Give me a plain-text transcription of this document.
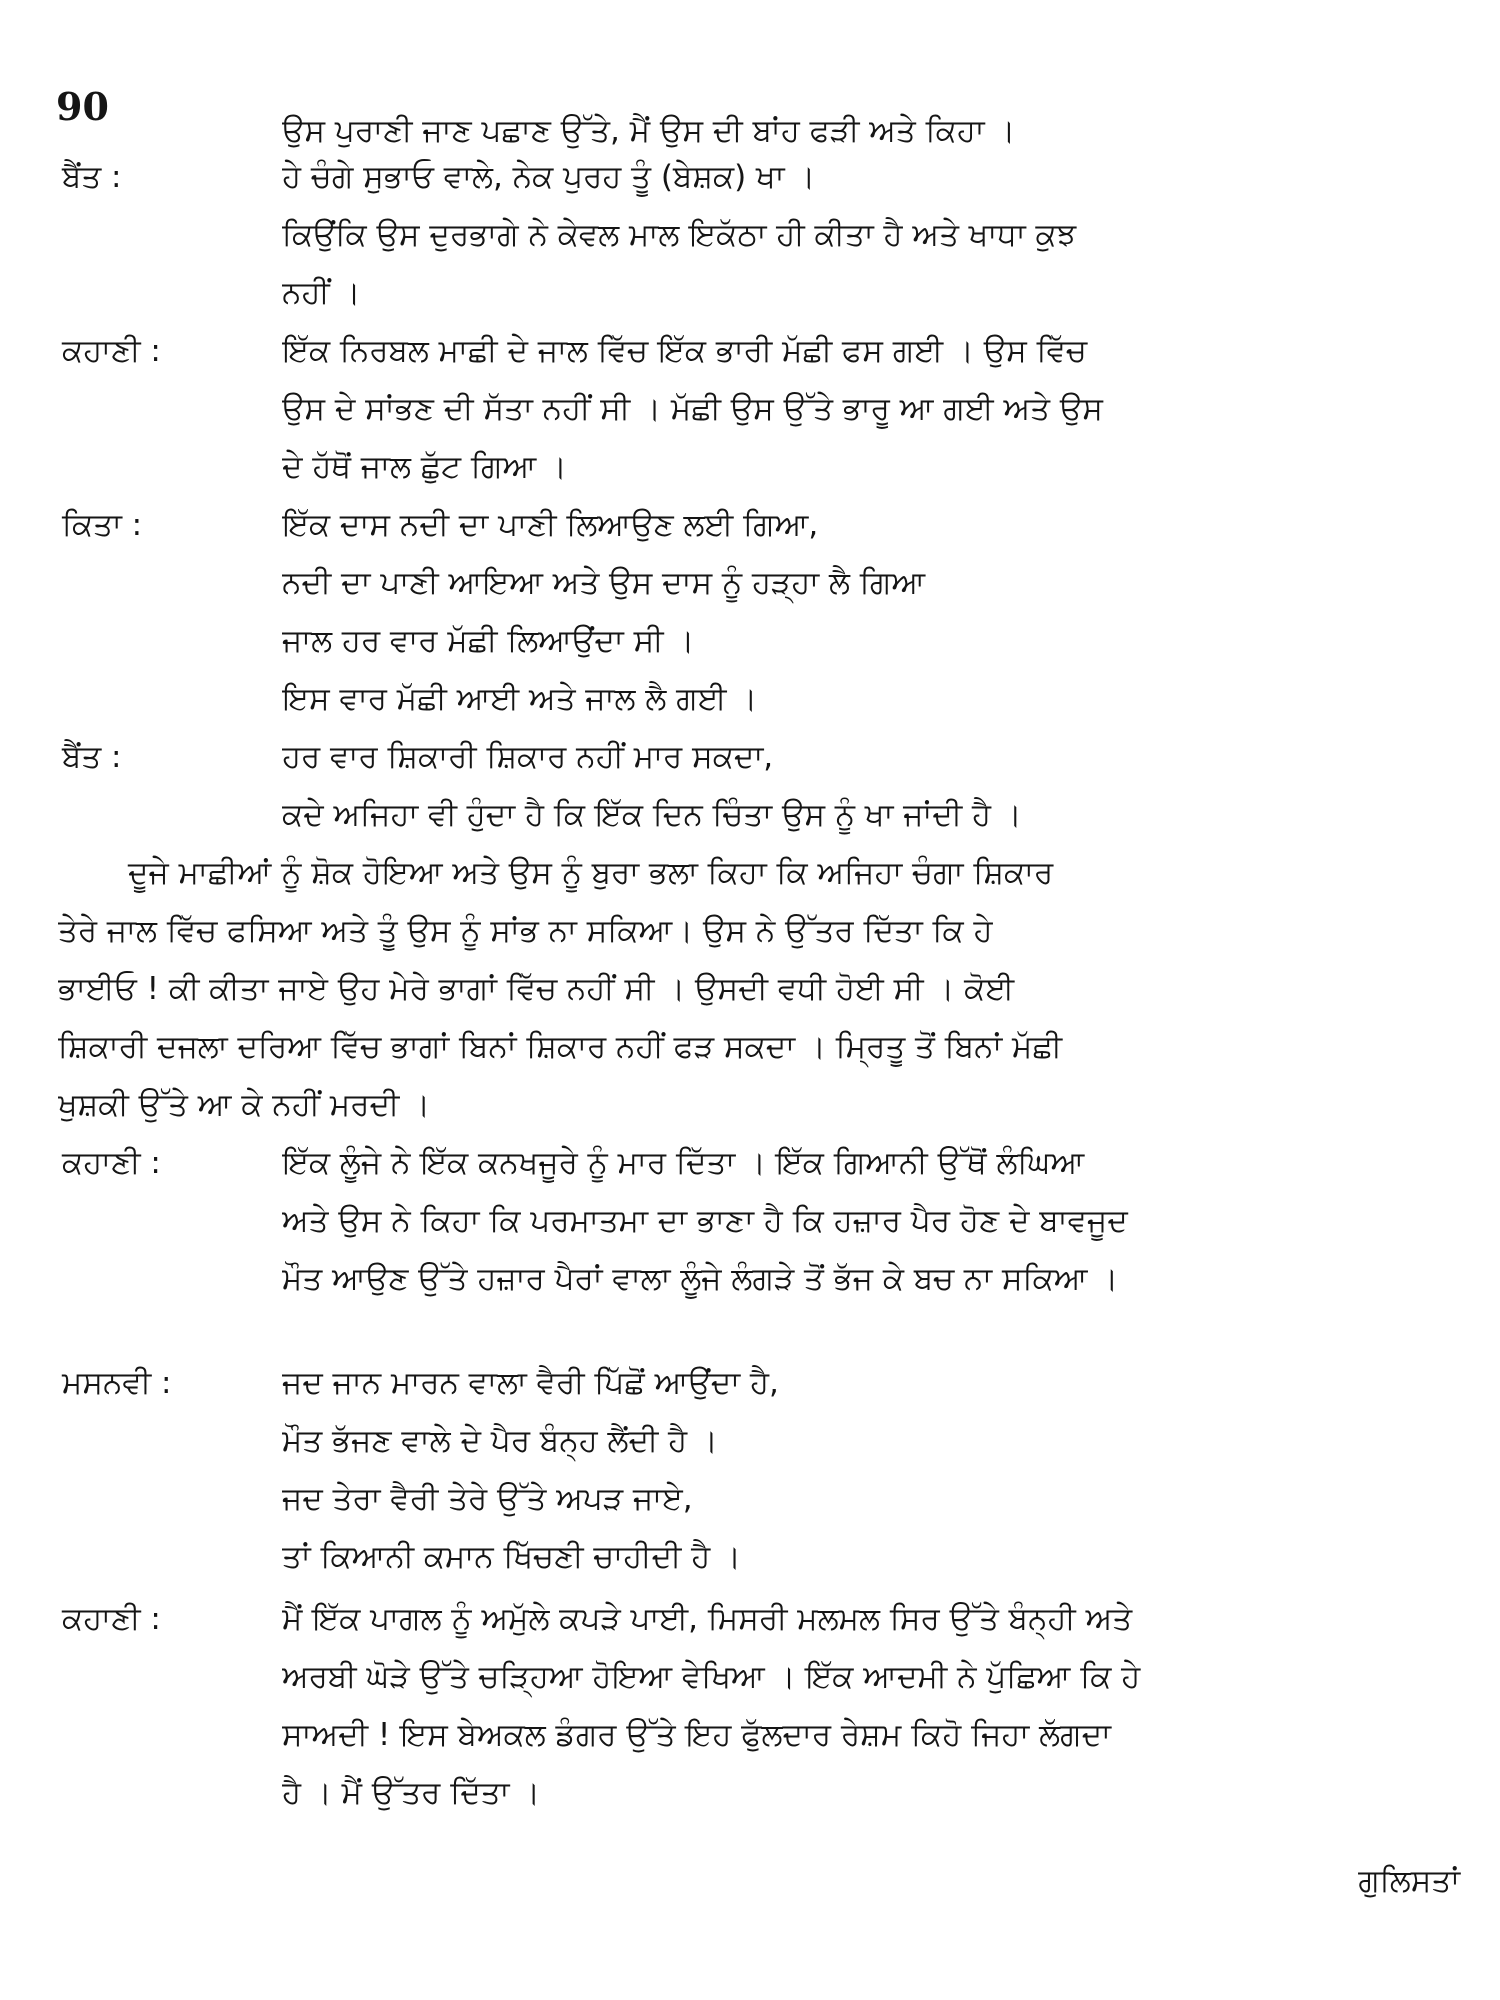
90
ਉਸ ਪੁਰਾਣੀ ਜਾਣ ਪਛਾਣ ਉੱਤੇ, ਮੈਂ ਉਸ ਦੀ ਬਾਂਹ ਫੜੀ ਅਤੇ ਕਿਹਾ ।
ਬੈਂਤ :	ਹੇ ਚੰਗੇ ਸੁਭਾਓ ਵਾਲੇ, ਨੇਕ ਪੁਰਹ ਤੂੰ (ਬੇਸ਼ਕ) ਖਾ ।
ਕਿਉਂਕਿ ਉਸ ਦੁਰਭਾਗੇ ਨੇ ਕੇਵਲ ਮਾਲ ਇਕੱਠਾ ਹੀ ਕੀਤਾ ਹੈ ਅਤੇ ਖਾਧਾ ਕੁਝ
ਨਹੀਂ ।
ਕਹਾਣੀ :	ਇੱਕ ਨਿਰਬਲ ਮਾਛੀ ਦੇ ਜਾਲ ਵਿੱਚ ਇੱਕ ਭਾਰੀ ਮੱਛੀ ਫਸ ਗਈ । ਉਸ ਵਿੱਚ
ਉਸ ਦੇ ਸਾਂਭਣ ਦੀ ਸੱਤਾ ਨਹੀਂ ਸੀ । ਮੱਛੀ ਉਸ ਉੱਤੇ ਭਾਰੂ ਆ ਗਈ ਅਤੇ ਉਸ
ਦੇ ਹੱਥੋਂ ਜਾਲ ਛੁੱਟ ਗਿਆ ।
ਕਿਤਾ :	ਇੱਕ ਦਾਸ ਨਦੀ ਦਾ ਪਾਣੀ ਲਿਆਉਣ ਲਈ ਗਿਆ,
ਨਦੀ ਦਾ ਪਾਣੀ ਆਇਆ ਅਤੇ ਉਸ ਦਾਸ ਨੂੰ ਹੜ੍ਹਾ ਲੈ ਗਿਆ
ਜਾਲ ਹਰ ਵਾਰ ਮੱਛੀ ਲਿਆਉਂਦਾ ਸੀ ।
ਇਸ ਵਾਰ ਮੱਛੀ ਆਈ ਅਤੇ ਜਾਲ ਲੈ ਗਈ ।
ਬੈਂਤ :	ਹਰ ਵਾਰ ਸ਼ਿਕਾਰੀ ਸ਼ਿਕਾਰ ਨਹੀਂ ਮਾਰ ਸਕਦਾ,
ਕਦੇ ਅਜਿਹਾ ਵੀ ਹੁੰਦਾ ਹੈ ਕਿ ਇੱਕ ਦਿਨ ਚਿੰਤਾ ਉਸ ਨੂੰ ਖਾ ਜਾਂਦੀ ਹੈ ।
ਦੂਜੇ ਮਾਛੀਆਂ ਨੂੰ ਸ਼ੋਕ ਹੋਇਆ ਅਤੇ ਉਸ ਨੂੰ ਬੁਰਾ ਭਲਾ ਕਿਹਾ ਕਿ ਅਜਿਹਾ ਚੰਗਾ ਸ਼ਿਕਾਰ
ਤੇਰੇ ਜਾਲ ਵਿੱਚ ਫਸਿਆ ਅਤੇ ਤੂੰ ਉਸ ਨੂੰ ਸਾਂਭ ਨਾ ਸਕਿਆ। ਉਸ ਨੇ ਉੱਤਰ ਦਿੱਤਾ ਕਿ ਹੇ
ਭਾਈਓ ! ਕੀ ਕੀਤਾ ਜਾਏ ਉਹ ਮੇਰੇ ਭਾਗਾਂ ਵਿੱਚ ਨਹੀਂ ਸੀ । ਉਸਦੀ ਵਧੀ ਹੋਈ ਸੀ । ਕੋਈ
ਸ਼ਿਕਾਰੀ ਦਜਲਾ ਦਰਿਆ ਵਿੱਚ ਭਾਗਾਂ ਬਿਨਾਂ ਸ਼ਿਕਾਰ ਨਹੀਂ ਫੜ ਸਕਦਾ । ਮ੍ਰਿਤੂ ਤੋਂ ਬਿਨਾਂ ਮੱਛੀ
ਖੁਸ਼ਕੀ ਉੱਤੇ ਆ ਕੇ ਨਹੀਂ ਮਰਦੀ ।
ਕਹਾਣੀ :	ਇੱਕ ਲੂੰਜੇ ਨੇ ਇੱਕ ਕਨਖਜੂਰੇ ਨੂੰ ਮਾਰ ਦਿੱਤਾ । ਇੱਕ ਗਿਆਨੀ ਉੱਥੋਂ ਲੰਘਿਆ
ਅਤੇ ਉਸ ਨੇ ਕਿਹਾ ਕਿ ਪਰਮਾਤਮਾ ਦਾ ਭਾਣਾ ਹੈ ਕਿ ਹਜ਼ਾਰ ਪੈਰ ਹੋਣ ਦੇ ਬਾਵਜੂਦ
ਮੌਤ ਆਉਣ ਉੱਤੇ ਹਜ਼ਾਰ ਪੈਰਾਂ ਵਾਲਾ ਲੂੰਜੇ ਲੰਗੜੇ ਤੋਂ ਭੱਜ ਕੇ ਬਚ ਨਾ ਸਕਿਆ ।
ਮਸਨਵੀ :	ਜਦ ਜਾਨ ਮਾਰਨ ਵਾਲਾ ਵੈਰੀ ਪਿੱਛੋਂ ਆਉਂਦਾ ਹੈ,
ਮੌਤ ਭੱਜਣ ਵਾਲੇ ਦੇ ਪੈਰ ਬੰਨ੍ਹ ਲੈਂਦੀ ਹੈ ।
ਜਦ ਤੇਰਾ ਵੈਰੀ ਤੇਰੇ ਉੱਤੇ ਅਪੜ ਜਾਏ,
ਤਾਂ ਕਿਆਨੀ ਕਮਾਨ ਖਿੱਚਣੀ ਚਾਹੀਦੀ ਹੈ ।
ਕਹਾਣੀ :	ਮੈਂ ਇੱਕ ਪਾਗਲ ਨੂੰ ਅਮੁੱਲੇ ਕਪੜੇ ਪਾਈ, ਮਿਸਰੀ ਮਲਮਲ ਸਿਰ ਉੱਤੇ ਬੰਨ੍ਹੀ ਅਤੇ
ਅਰਬੀ ਘੋੜੇ ਉੱਤੇ ਚੜ੍ਹਿਆ ਹੋਇਆ ਵੇਖਿਆ । ਇੱਕ ਆਦਮੀ ਨੇ ਪੁੱਛਿਆ ਕਿ ਹੇ
ਸਾਅਦੀ ! ਇਸ ਬੇਅਕਲ ਡੰਗਰ ਉੱਤੇ ਇਹ ਫੁੱਲਦਾਰ ਰੇਸ਼ਮ ਕਿਹੋ ਜਿਹਾ ਲੱਗਦਾ
ਹੈ । ਮੈਂ ਉੱਤਰ ਦਿੱਤਾ ।
ਗੁਲਿਸਤਾਂ
